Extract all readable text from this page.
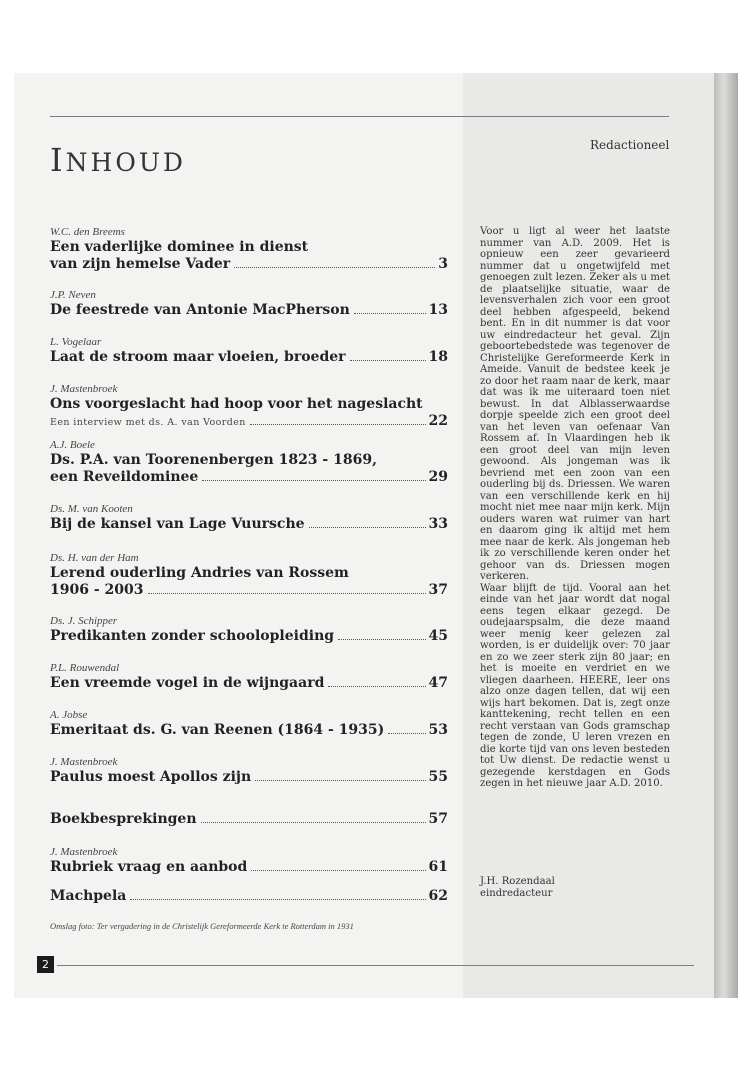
INHOUD
Redactioneel
W.C. den Breems
Een vaderlijke dominee in dienst
van zijn hemelse Vader	3
J.P. Neven
De feestrede van Antonie MacPherson	13
L. Vogelaar
Laat de stroom maar vloeien, broeder	18
J. Mastenbroek
Ons voorgeslacht had hoop voor het nageslacht
Een interview met ds. A. van Voorden	22
A.J. Boele
Ds. P.A. van Toorenenbergen 1823 - 1869,
een Reveildominee	29
Ds. M. van Kooten
Bij de kansel van Lage Vuursche	33
Ds. H. van der Ham
Lerend ouderling Andries van Rossem
1906 - 2003	37
Ds. J. Schipper
Predikanten zonder schoolopleiding	45
P.L. Rouwendal
Een vreemde vogel in de wijngaard	47
A. Jobse
Emeritaat ds. G. van Reenen (1864 - 1935)	53
J. Mastenbroek
Paulus moest Apollos zijn	55
Boekbesprekingen	57
J. Mastenbroek
Rubriek vraag en aanbod	61
Machpela	62
Omslag foto: Ter vergadering in de Christelijk Gereformeerde Kerk te Rotterdam in 1931
2

Voor u ligt al weer het laatste nummer van A.D. 2009. Het is opnieuw een zeer gevarieerd nummer dat u ongetwijfeld met genoegen zult lezen. Zeker als u met de plaatselijke situatie, waar de levensverhalen zich voor een groot deel hebben afgespeeld, bekend bent. En in dit nummer is dat voor uw eindredacteur het geval. Zijn geboortebedstede was tegenover de Christelijke Gereformeerde Kerk in Ameide. Vanuit de bedstee keek je zo door het raam naar de kerk, maar dat was ik me uiteraard toen niet bewust. In dat Alblasserwaardse dorpje speelde zich een groot deel van het leven van oefenaar Van Rossem af. In Vlaardingen heb ik een groot deel van mijn leven gewoond. Als jongeman was ik bevriend met een zoon van een ouderling bij ds. Driessen. We waren van een verschillende kerk en hij mocht niet mee naar mijn kerk. Mijn ouders waren wat ruimer van hart en daarom ging ik altijd met hem mee naar de kerk. Als jongeman heb ik zo verschillende keren onder het gehoor van ds. Driessen mogen verkeren.

Waar blijft de tijd. Vooral aan het einde van het jaar wordt dat nogal eens tegen elkaar gezegd. De oudejaarspsalm, die deze maand weer menig keer gelezen zal worden, is er duidelijk over: 70 jaar en zo we zeer sterk zijn 80 jaar; en het is moeite en verdriet en we vliegen daarheen. HEERE, leer ons alzo onze dagen tellen, dat wij een wijs hart bekomen. Dat is, zegt onze kanttekening, recht tellen en een recht verstaan van Gods gramschap tegen de zonde, U leren vrezen en die korte tijd van ons leven besteden tot Uw dienst. De redactie wenst u gezegende kerstdagen en Gods zegen in het nieuwe jaar A.D. 2010.

J.H. Rozendaal
eindredacteur
